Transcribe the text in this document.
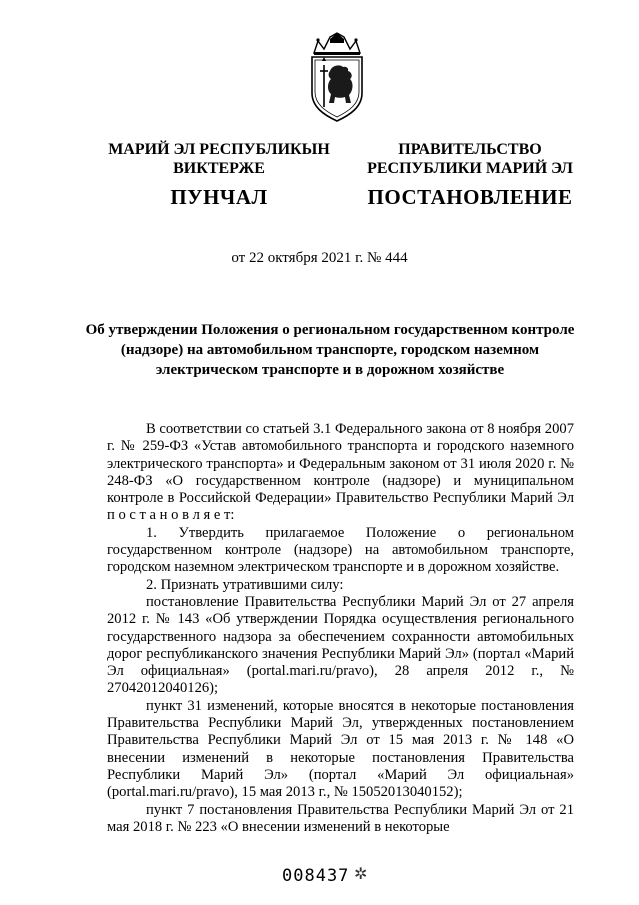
МАРИЙ ЭЛ РЕСПУБЛИКЫН
ВИКТЕРЖЕ
ПУНЧАЛ
ПРАВИТЕЛЬСТВО
РЕСПУБЛИКИ МАРИЙ ЭЛ
ПОСТАНОВЛЕНИЕ
от 22 октября 2021 г. № 444
Об утверждении Положения о региональном государственном контроле (надзоре) на автомобильном транспорте, городском наземном электрическом транспорте и в дорожном хозяйстве

В соответствии со статьей 3.1 Федерального закона от 8 ноября 2007 г. № 259-ФЗ «Устав автомобильного транспорта и городского наземного электрического транспорта» и Федеральным законом от 31 июля 2020 г. № 248-ФЗ «О государственном контроле (надзоре) и муниципальном контроле в Российской Федерации» Правительство Республики Марий Эл п о с т а н о в л я е т:

1. Утвердить прилагаемое Положение о региональном государственном контроле (надзоре) на автомобильном транспорте, городском наземном электрическом транспорте и в дорожном хозяйстве.

2. Признать утратившими силу:

постановление Правительства Республики Марий Эл от 27 апреля 2012 г. № 143 «Об утверждении Порядка осуществления регионального государственного надзора за обеспечением сохранности автомобильных дорог республиканского значения Республики Марий Эл» (портал «Марий Эл официальная» (portal.mari.ru/pravo), 28 апреля 2012 г., № 27042012040126);

пункт 31 изменений, которые вносятся в некоторые постановления Правительства Республики Марий Эл, утвержденных постановлением Правительства Республики Марий Эл от 15 мая 2013 г. № 148 «О внесении изменений в некоторые постановления Правительства Республики Марий Эл» (портал «Марий Эл официальная» (portal.mari.ru/pravo), 15 мая 2013 г., № 15052013040152);

пункт 7 постановления Правительства Республики Марий Эл от 21 мая 2018 г. № 223 «О внесении изменений в некоторые

008437 ✲
